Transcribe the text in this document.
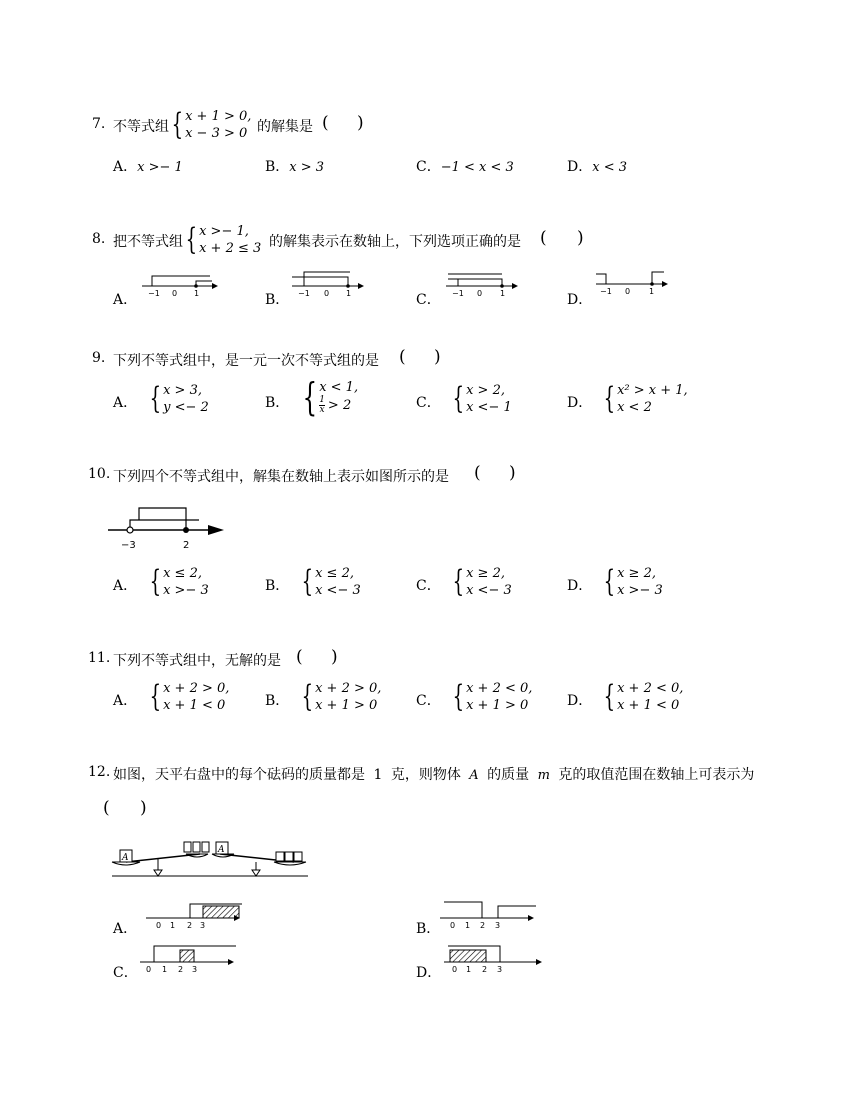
7. 不等式组 { x + 1 > 0,
x − 3 > 0 的解集是 ( )
A．x >− 1	B．x > 3	C．−1 < x < 3	D．x < 3
8. 把不等式组 { x >− 1,
x + 2 ≤ 3 的解集表示在数轴上，下列选项正确的是 ( )
A．	B．	C．	D．
−1 0 1	−1 0 1	−1 0 1	−1 0 1
9. 下列不等式组中，是一元一次不等式组的是 ( )
A． { x > 3,
y <− 2	B． { x < 1,
1
x > 2	C． { x > 2,
x <− 1	D． { x² > x + 1,
x < 2
10. 下列四个不等式组中，解集在数轴上表示如图所示的是 ( )
−3	2
A． { x ≤ 2,
x >− 3	B． { x ≤ 2,
x <− 3	C． { x ≥ 2,
x <− 3	D． { x ≥ 2,
x >− 3
11. 下列不等式组中，无解的是 ( )
A． { x + 2 > 0,
x + 1 < 0	B． { x + 2 > 0,
x + 1 > 0	C． { x + 2 < 0,
x + 1 > 0	D． { x + 2 < 0,
x + 1 < 0
12. 如图，天平右盘中的每个砝码的质量都是 1 克，则物体 A 的质量 m 克的取值范围在数轴上可表示为
( )
A
A
A．	B．
C．	D．
0 1 2 3	0 1 2 3
0 1 2 3	0 1 2 3
